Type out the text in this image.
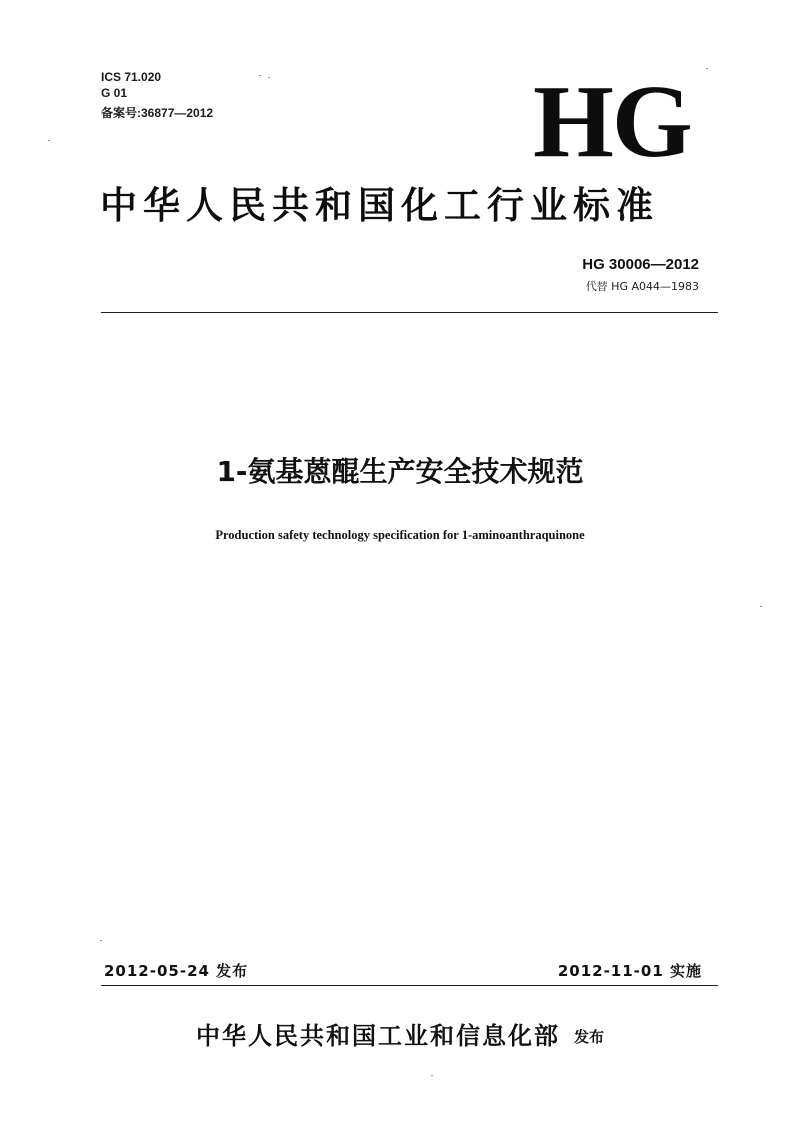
ICS 71.020
G 01
备案号:36877—2012	HG
中华人民共和国化工行业标准
HG 30006—2012
代替 HG A044—1983
1-氨基蒽醌生产安全技术规范
Production safety technology specification for 1-aminoanthraquinone
2012-05-24 发布	2012-11-01 实施
中华人民共和国工业和信息化部 发布
